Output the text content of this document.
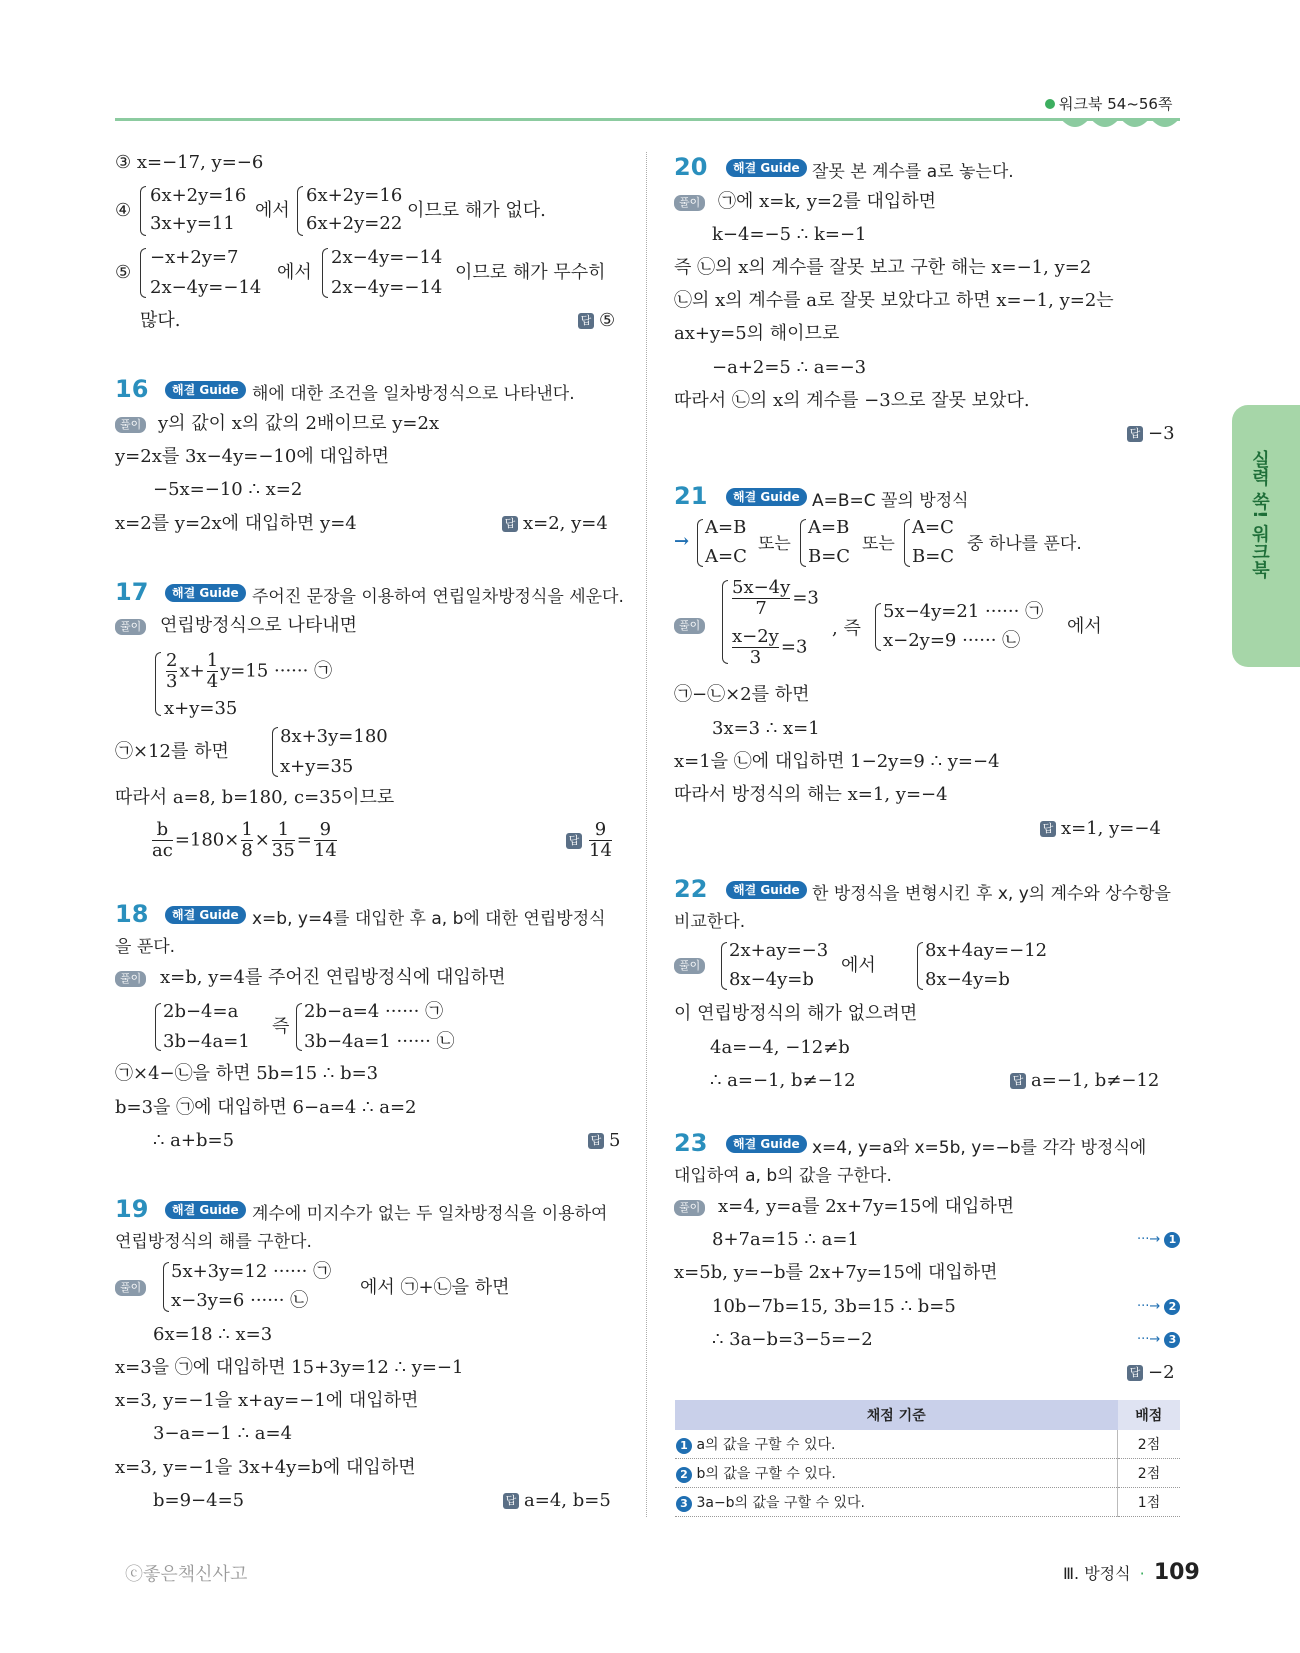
워크북 54~56쪽
실력 쑥! 워크북
③ x=−17, y=−6
④
6x+2y=16
3x+y=11
에서
6x+2y=16
6x+2y=22
이므로 해가 없다.
⑤
−x+2y=7
2x−4y=−14
에서
2x−4y=−14
2x−4y=−14
이므로 해가 무수히
많다.	답 ⑤
16	해결 Guide 해에 대한 조건을 일차방정식으로 나타낸다.
풀이 y의 값이 x의 값의 2배이므로 y=2x
y=2x를 3x−4y=−10에 대입하면
−5x=−10 ∴ x=2
x=2를 y=2x에 대입하면 y=4	답 x=2, y=4
17	해결 Guide 주어진 문장을 이용하여 연립일차방정식을 세운다.
풀이 연립방정식으로 나타내면
$\frac{2}{3} x+ \frac{1}{4} y=15$ ······ ㉠
x+y=35
㉠×12를 하면
8x+3y=180
x+y=35
따라서 a=8, b=180, c=35이므로
$\frac{b}{ac} =180\times \frac{1}{8} \times \frac{1}{35} = \frac{9}{14}$	답 $\frac{9}{14}$
18	해결 Guide x=b, y=4를 대입한 후 a, b에 대한 연립방정식
을 푼다.
풀이 x=b, y=4를 주어진 연립방정식에 대입하면
2b−4=a
3b−4a=1
즉
2b−a=4 ······ ㉠
3b−4a=1 ······ ㉡
㉠×4−㉡을 하면 5b=15 ∴ b=3
b=3을 ㉠에 대입하면 6−a=4 ∴ a=2
∴ a+b=5	답 5
19	해결 Guide 계수에 미지수가 없는 두 일차방정식을 이용하여
연립방정식의 해를 구한다.
풀이
5x+3y=12 ······ ㉠
x−3y=6 ······ ㉡
에서 ㉠+㉡을 하면
6x=18 ∴ x=3
x=3을 ㉠에 대입하면 15+3y=12 ∴ y=−1
x=3, y=−1을 x+ay=−1에 대입하면
3−a=−1 ∴ a=4
x=3, y=−1을 3x+4y=b에 대입하면
b=9−4=5	답 a=4, b=5
20	해결 Guide 잘못 본 계수를 a로 놓는다.
풀이 ㉠에 x=k, y=2를 대입하면
k−4=−5 ∴ k=−1
즉 ㉡의 x의 계수를 잘못 보고 구한 해는 x=−1, y=2
㉡의 x의 계수를 a로 잘못 보았다고 하면 x=−1, y=2는
ax+y=5의 해이므로
−a+2=5 ∴ a=−3
따라서 ㉡의 x의 계수를 −3으로 잘못 보았다.
답 −3
21	해결 Guide A=B=C 꼴의 방정식
→
A=B
A=C
또는
A=B
B=C
또는
A=C
B=C
중 하나를 푼다.
풀이
$\frac{5x-4y}{7} =3$
$\frac{x-2y}{3} =3$
, 즉
5x−4y=21 ······ ㉠
x−2y=9 ······ ㉡
에서
㉠−㉡×2를 하면
3x=3 ∴ x=1
x=1을 ㉡에 대입하면 1−2y=9 ∴ y=−4
따라서 방정식의 해는 x=1, y=−4
답 x=1, y=−4
22	해결 Guide 한 방정식을 변형시킨 후 x, y의 계수와 상수항을
비교한다.
풀이
2x+ay=−3
8x−4y=b
에서
8x+4ay=−12
8x−4y=b
이 연립방정식의 해가 없으려면
4a=−4, −12≠b
∴ a=−1, b≠−12	답 a=−1, b≠−12
23	해결 Guide x=4, y=a와 x=5b, y=−b를 각각 방정식에
대입하여 a, b의 값을 구한다.
풀이 x=4, y=a를 2x+7y=15에 대입하면
8+7a=15 ∴ a=1
x=5b, y=−b를 2x+7y=15에 대입하면
10b−7b=15, 3b=15 ∴ b=5
∴ 3a−b=3−5=−2
···→ 1
···→ 2
···→ 3
답 −2
채점 기준	배점
1 a의 값을 구할 수 있다.	2점
2 b의 값을 구할 수 있다.	2점
3 3a−b의 값을 구할 수 있다.	1점
ⓒ좋은책신사고	Ⅲ. 방정식 · 109
